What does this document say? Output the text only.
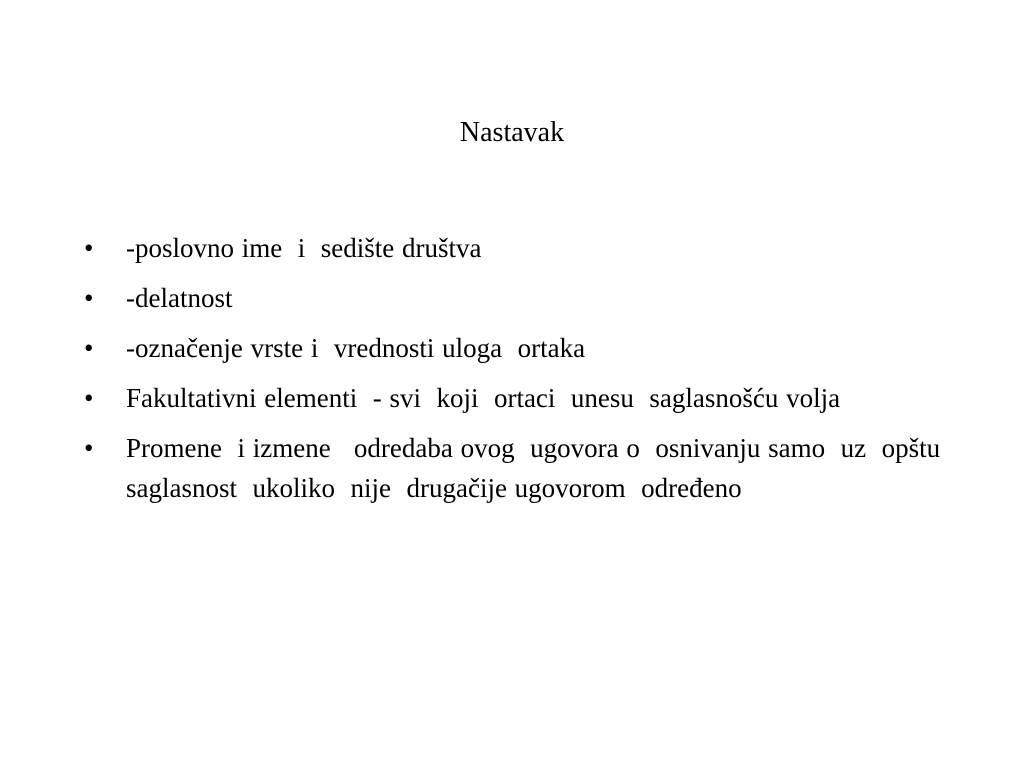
Nastavak
•	-poslovno ime  i  sedište društva
•	-delatnost
•	-označenje vrste i  vrednosti uloga  ortaka
•	Fakultativni elementi  - svi  koji  ortaci  unesu  saglasnošću volja
•	Promene  i izmene   odredaba ovog  ugovora o  osnivanju samo  uz  opštu  saglasnost  ukoliko  nije  drugačije ugovorom  određeno
